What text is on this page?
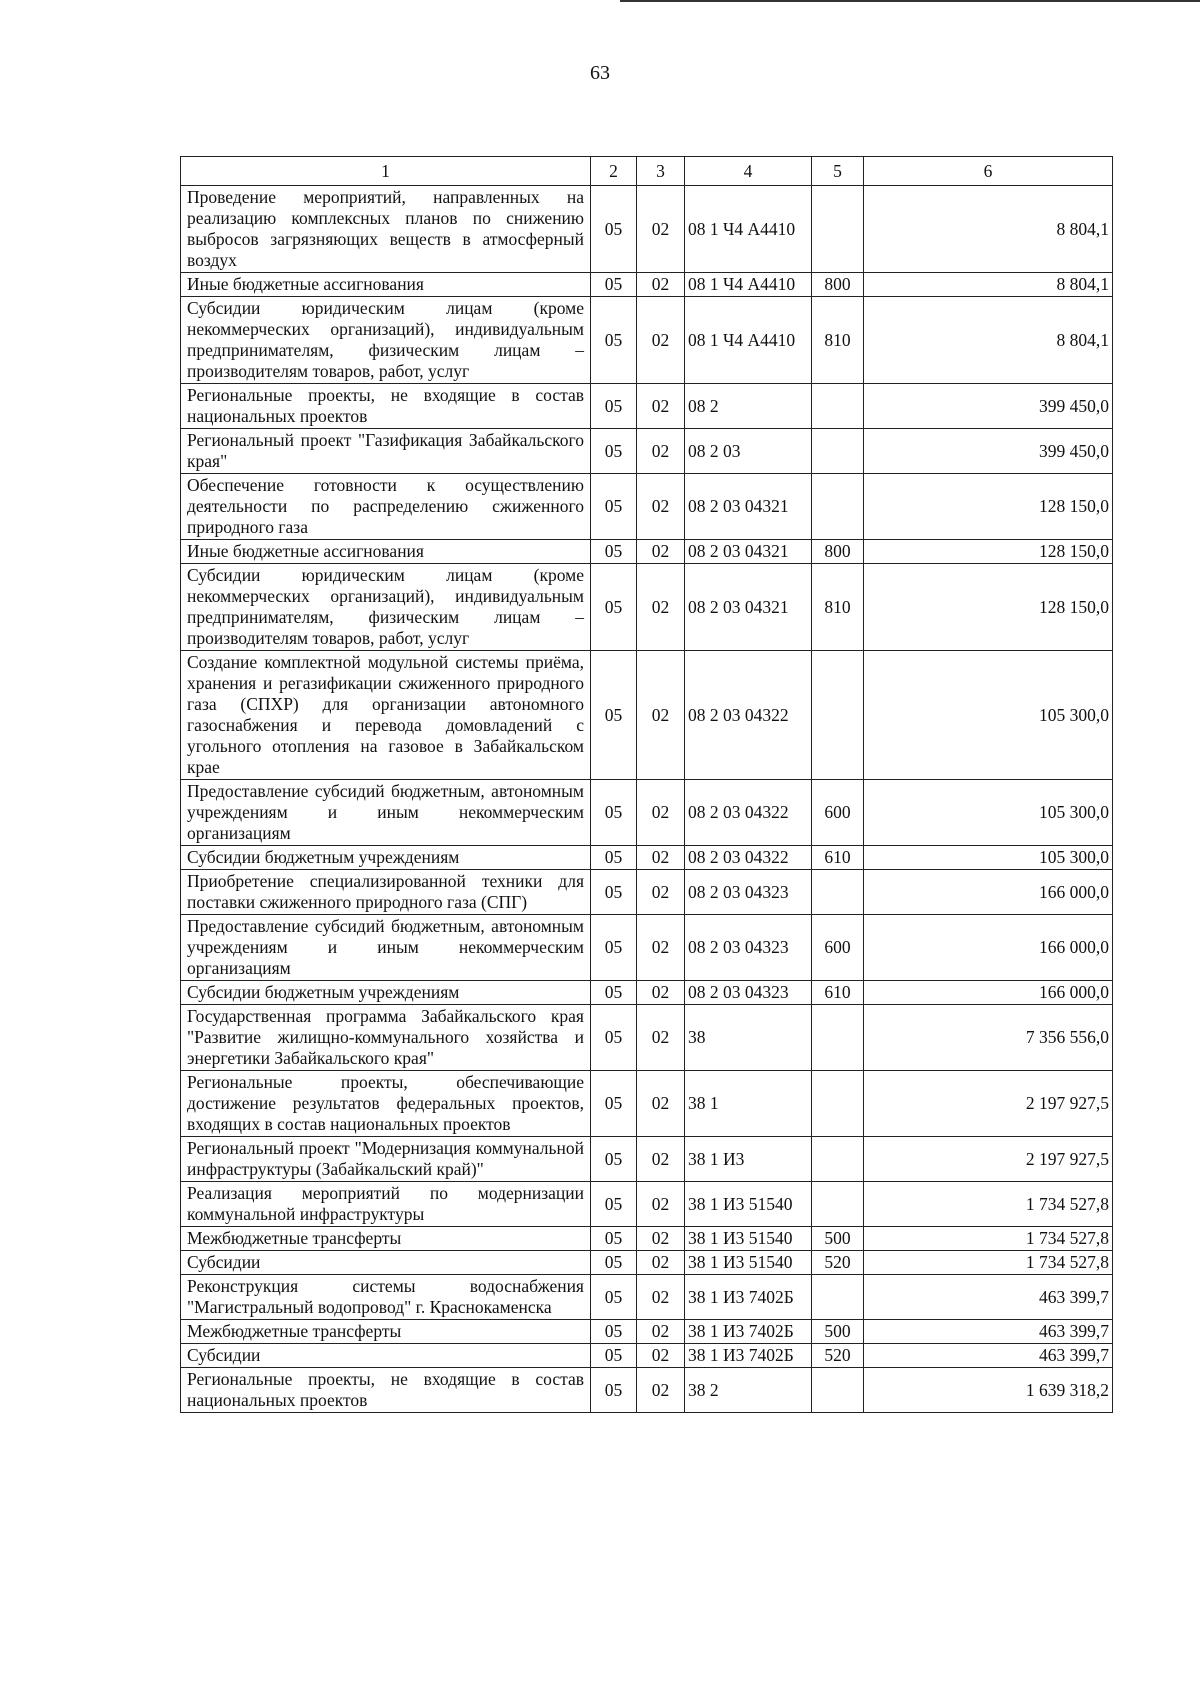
63
1	2	3	4	5	6
Проведение мероприятий, направленных на реализацию комплексных планов по снижению выбросов загрязняющих веществ в атмосферный воздух	05	02	08 1 Ч4 А4410		8 804,1
Иные бюджетные ассигнования	05	02	08 1 Ч4 А4410	800	8 804,1
Субсидии юридическим лицам (кроме некоммерческих организаций), индивидуальным предпринимателям, физическим лицам – производителям товаров, работ, услуг	05	02	08 1 Ч4 А4410	810	8 804,1
Региональные проекты, не входящие в состав национальных проектов	05	02	08 2		399 450,0
Региональный проект "Газификация Забайкальского края"	05	02	08 2 03		399 450,0
Обеспечение готовности к осуществлению деятельности по распределению сжиженного природного газа	05	02	08 2 03 04321		128 150,0
Иные бюджетные ассигнования	05	02	08 2 03 04321	800	128 150,0
Субсидии юридическим лицам (кроме некоммерческих организаций), индивидуальным предпринимателям, физическим лицам – производителям товаров, работ, услуг	05	02	08 2 03 04321	810	128 150,0
Создание комплектной модульной системы приёма, хранения и регазификации сжиженного природного газа (СПХР) для организации автономного газоснабжения и перевода домовладений с угольного отопления на газовое в Забайкальском крае	05	02	08 2 03 04322		105 300,0
Предоставление субсидий бюджетным, автономным учреждениям и иным некоммерческим организациям	05	02	08 2 03 04322	600	105 300,0
Субсидии бюджетным учреждениям	05	02	08 2 03 04322	610	105 300,0
Приобретение специализированной техники для поставки сжиженного природного газа (СПГ)	05	02	08 2 03 04323		166 000,0
Предоставление субсидий бюджетным, автономным учреждениям и иным некоммерческим организациям	05	02	08 2 03 04323	600	166 000,0
Субсидии бюджетным учреждениям	05	02	08 2 03 04323	610	166 000,0
Государственная программа Забайкальского края "Развитие жилищно-коммунального хозяйства и энергетики Забайкальского края"	05	02	38		7 356 556,0
Региональные проекты, обеспечивающие достижение результатов федеральных проектов, входящих в состав национальных проектов	05	02	38 1		2 197 927,5
Региональный проект "Модернизация коммунальной инфраструктуры (Забайкальский край)"	05	02	38 1 И3		2 197 927,5
Реализация мероприятий по модернизации коммунальной инфраструктуры	05	02	38 1 И3 51540		1 734 527,8
Межбюджетные трансферты	05	02	38 1 И3 51540	500	1 734 527,8
Субсидии	05	02	38 1 И3 51540	520	1 734 527,8
Реконструкция системы водоснабжения "Магистральный водопровод" г. Краснокаменска	05	02	38 1 И3 7402Б		463 399,7
Межбюджетные трансферты	05	02	38 1 И3 7402Б	500	463 399,7
Субсидии	05	02	38 1 И3 7402Б	520	463 399,7
Региональные проекты, не входящие в состав национальных проектов	05	02	38 2		1 639 318,2
